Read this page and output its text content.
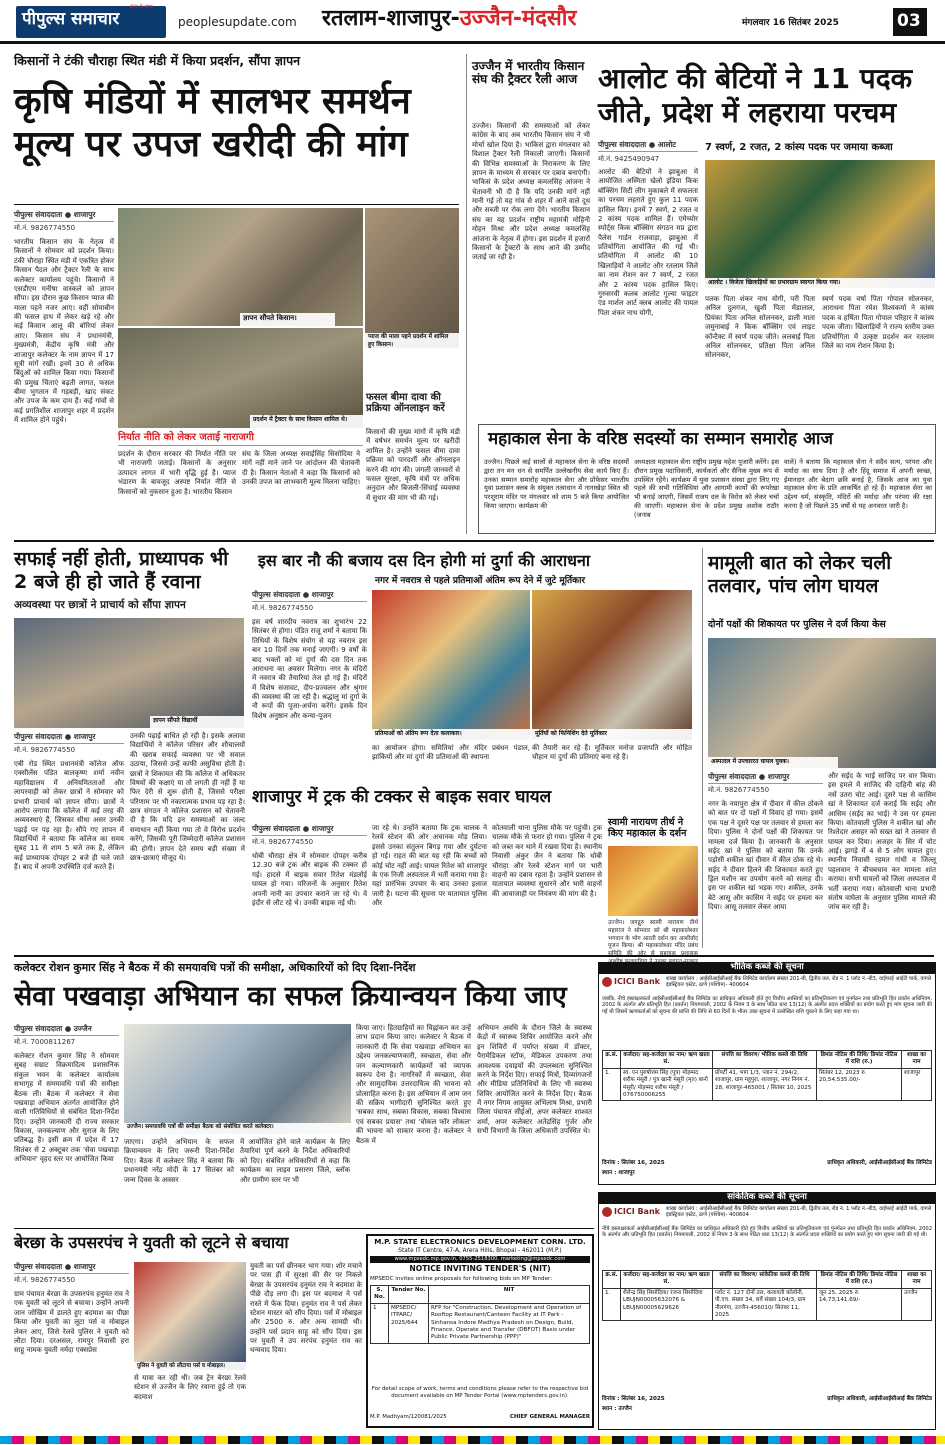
पीपुल्स समाचार
सत्य के साथ
peoplesupdate.com रतलाम-शाजापुर-उज्जैन-मंदसौर	मंगलवार 16 सितंबर 2025	03
किसानों ने टंकी चौराहा स्थित मंडी में किया प्रदर्शन, सौंपा ज्ञापन
कृषि मंडियों में सालभर समर्थन मूल्य पर उपज खरीदी की मांग
पीपुल्स संवाददाता ● शाजापुर
मो.नं. 9826774550
भारतीय किसान संघ के नेतृत्व में किसानों ने सोमवार को प्रदर्शन किया। टंकी चौराहा स्थित मंडी में एकत्रित होकर किसान पैदल और ट्रैक्टर रैली के साथ कलेक्टर कार्यालय पहुंचे। किसानों ने एसडीएम मनीषा वास्कले को ज्ञापन सौंपा। इस दौरान कुछ किसान प्याज की माला पहने नजर आए। वहीं सोयाबीन की फसल हाथ में लेकर खड़े रहे और कई किसान आलू की बोरियां लेकर आए। किसान संघ ने प्रधानमंत्री, मुख्यमंत्री, केंद्रीय कृषि मंत्री और शाजापुर कलेक्टर के नाम ज्ञापन में 17 सूत्री मांगें रखीं। इनमें 30 से अधिक बिंदुओं को शामिल किया गया। किसानों की प्रमुख चिंताएं बढ़ती लागत, फसल बीमा भुगतान में गड़बड़ी, खाद संकट और उपज के कम दाम हैं। कई गांवों से कई प्रगतिशील शाजापुर शहर में प्रदर्शन में शामिल होने पहुंचे।
ज्ञापन सौंपते किसान।
प्याज की माला पहने प्रदर्शन में शामिल हुए किसान।
प्रदर्शन में ट्रैक्टर के साथ किसान शामिल थे।
निर्यात नीति को लेकर जताई नाराजगी
प्रदर्शन के दौरान सरकार की निर्यात नीति पर भी नाराजगी जताई। किसानों के अनुसार उत्पादन लागत में भारी वृद्धि हुई है। प्याज भंडारण के बावजूद अस्पष्ट निर्यात नीति से किसानों को नुकसान हुआ है। भारतीय किसान
संघ के जिला अध्यक्ष सवाईसिंह सिसोदिया ने मांगें नहीं माने जाने पर आंदोलन की चेतावनी दी है। किसान नेताओं ने कहा कि किसानों को उनकी उपज का लाभकारी मूल्य मिलना चाहिए।
फसल बीमा दावा की प्रक्रिया ऑनलाइन करें
किसानों की मुख्य मांगों में कृषि मंडी में वर्षभर समर्थन मूल्य पर खरीदी शामिल है। उन्होंने फसल बीमा दावा प्रक्रिया को पारदर्शी और ऑनलाइन करने की मांग की। जंगली जानवरों से फसल सुरक्षा, कृषि यंत्रों पर अधिक अनुदान और बिजली-सिंचाई व्यवस्था में सुधार की मांग भी की गई।
उज्जैन में भारतीय किसान संघ की ट्रैक्टर रैली आज
उज्जैन। किसानों की समस्याओं को लेकर कांग्रेस के बाद अब भारतीय किसान संघ ने भी मोर्चा खोल दिया है। भाकिसं द्वारा मंगलवार को विशाल ट्रैक्टर रैली निकाली जाएगी। किसानों की विभिन्न समस्याओं के निराकरण के लिए ज्ञापन के माध्यम से सरकार पर दबाव बनाएंगी। भाकिसं के प्रदेश अध्यक्ष कमलसिंह आंजना ने चेतावनी भी दी है कि यदि उनकी मांगें नहीं मानी गई तो यह गांव से शहर में आने वाले दूध और सब्जी पर रोक लगा देंगे। भारतीय किसान संघ का यह प्रदर्शन राष्ट्रीय महामंत्री मोहिनी मोहन मिश्रा और प्रदेश अध्यक्ष कमलसिंह आंजना के नेतृत्व में होगा। इस प्रदर्शन में हजारों किसानों के ट्रैक्टरों के साथ आने की उम्मीद जताई जा रही है।
आलोट की बेटियों ने 11 पदक जीते, प्रदेश में लहराया परचम
पीपुल्स संवाददाता ● आलोट
मो.नं. 9425490947
7 स्वर्ण, 2 रजत, 2 कांस्य पदक पर जमाया कब्जा
आलोट की बेटियों ने झाबुआ में आयोजित अस्मिता खेलो इंडिया किक बॉक्सिंग सिटी लीग मुकाबले में सफलता का परचम लहराते हुए कुल 11 पदक हासिल किए। इनमें 7 स्वर्ण, 2 रजत व 2 कांस्य पदक शामिल हैं। एमेच्योर स्पोर्ट्स किक बॉक्सिंग संगठन मप्र द्वारा पैलेस गार्डन राजवाड़ा, झाबुआ में प्रतियोगिता आयोजित की गई थी। प्रतियोगिता में आलोट की 10 खिलाड़ियों ने आलोट और रतलाम जिले का नाम रोशन कर 7 स्वर्ण, 2 रजत और 2 कांस्य पदक हासिल किए। गुरुसरवी कलब आलोट गुल्या फाइटर एंड मार्शल आर्ट क्लब आलोट की पायल पिता शंकर नाथ योगी,
आलोट । विजेता खिलाड़ियों का प्रभारग्राम स्वागत किया गया।
पलक पिता शंकर नाथ योगी, परी पिता अनिल दुलगज, खुशी पिता मेंडालाल, प्रियंका पिता अनिल सोलनकर, डाली माता जमुनाबाई ने किक बॉक्सिंग एवं लाइट कॉन्टैक्ट में स्वर्ण पदक जीते। ललबाई पिता अनिल सोलनकर, प्रतिक्षा पिता अनिल सोलनकर,
स्वर्ण पदक वर्षा पिता गोपाल सोलनकर, आराधना पिता रमेश विश्वकर्मा ने कांस्य पदक व हर्षिता पिता गोपाल परिहार ने कांस्य पदक जीता। खिलाड़ियों ने राज्य स्तरीय उक्त प्रतियोगिता में उत्कृष्ट प्रदर्शन कर रतलाम जिले का नाम रोशन किया है।
महाकाल सेना के वरिष्ठ सदस्यों का सम्मान समारोह आज
उज्जैन। पिछले कई सालों से महाकाल सेना के वरिष्ठ सदस्यों द्वारा तन मन धन से समर्पित उल्लेखनीय सेवा कार्य किए हैं। उनका सम्मान समारोह महाकाल सेना और प्रोफेसर भारतीय युवा प्रशासन क्लब के संयुक्त तत्वाधान में नानाखेड़ा स्थित श्री परशुराम मंदिर पर मंगलवार को शाम 5 बजे किया आयोजित किया जाएगा। कार्यक्रम की
अध्यक्षता महाकाल सेना राष्ट्रीय प्रमुख महेश पुजारी करेंगे। इस दौरान प्रमुख पदाधिकारी, कार्यकर्ता और सैनिक मुख्य रूप से उपस्थित रहेंगे। कार्यक्रम में युवा प्रशासन संस्था द्वारा लिए गए पहले की सभी गतिविधियां और आगामी कार्यों की रूपरेखा भी बनाई जाएगी, जिसमें राजय दल के विरोध को लेकर चर्चा की जाएगी। महाकाल सेना के प्रदेश प्रमुख अशोक राठौर (जनाब
वाले) ने बताया कि महाकाल सेना ने सदैव सत्य, परंपरा और मर्यादा का साथ दिया है और हिंदू समाज में अपनी स्वच्छ, ईमानदार और बेदाग छवि बनाई है, जिसके आज का युवा महाकाल सेना के प्रति आकर्षित हो रहे हैं। महाकाल सेना का उद्देश्य धर्म, संस्कृति, मंदिरों की मर्यादा और परंपरा की रक्षा करना है जो पिछले 35 वर्षों से यह अनवरत जारी है।
सफाई नहीं होती, प्राध्यापक भी 2 बजे ही हो जाते हैं रवाना
अव्यवस्था पर छात्रों ने प्राचार्य को सौंपा ज्ञापन
ज्ञापन सौंपते विद्यार्थी
पीपुल्स संवाददाता ● शाजापुर
मो.नं. 9826774550
एबी रोड स्थित प्रधानमंत्री कॉलेज ऑफ एक्सीलेंस पंडित बालकृष्ण शर्मा नवीन महाविद्यालय में अनियमितताओं और लापरवाही को लेकर छात्रों ने सोमवार को प्रभारी प्राचार्य को ज्ञापन सौंपा। छात्रों ने आरोप लगाया कि कॉलेज में कई तरह की अव्यवस्थाएं हैं, जिसका सीधा असर उनकी पढ़ाई पर पड़ रहा है। सौंपे गए ज्ञापन में विद्यार्थियों ने बताया कि कॉलेज का समय सुबह 11 से शाम 5 बजे तक है, लेकिन कई प्राध्यापक दोपहर 2 बजे ही चले जाते हैं। बाद में अपनी उपस्थिति दर्ज करते हैं।
उनकी पढ़ाई बाधित हो रही है। इसके अलावा विद्यार्थियों ने कॉलेज परिसर और शौचालयों की खराब सफाई व्यवस्था पर भी सवाल उठाया, जिससे उन्हें काफी असुविधा होती है। छात्रों ने शिकायत की कि कॉलेज में अधिकतर विषयों की कक्षाएं या तो लगती ही नहीं हैं या फिर देरी से शुरू होती हैं, जिससे परीक्षा परिणाम पर भी नकारात्मक प्रभाव पड़ रहा है। छात्र संगठन ने कॉलेज प्रशासन को चेतावनी दी है कि यदि इन समस्याओं का जल्द समाधान नहीं किया गया तो वे विरोध प्रदर्शन करेंगे, जिसकी पूरी जिम्मेदारी कॉलेज प्रशासन की होगी। ज्ञापन देते समय बड़ी संख्या में छात्र-छात्राएं मौजूद थे।
इस बार नौ की बजाय दस दिन होगी मां दुर्गा की आराधना
नगर में नवरात्र से पहले प्रतिमाओं अंतिम रूप देने में जुटे मूर्तिकार
पीपुल्स संवाददाता ● शाजापुर
मो.नं. 9826774550
इस वर्ष शारदीय नवरात्र का शुभारंभ 22 सितंबर से होगा। पंडित राजू शर्मा ने बताया कि तिथियों के विशेष संयोग से यह नवरात्र इस बार 10 दिनों तक मनाई जाएगी। 9 वर्षों के बाद भक्तों को मां दुर्गा की दस दिन तक आराधना का अवसर मिलेगा। नगर के मंदिरों में नवरात्र की तैयारियां तेज हो गई हैं। मंदिरों में विशेष सजावट, दीप-प्रज्वलन और श्रृंगार की व्यवस्था की जा रही है। श्रद्धालु मां दुर्गा के नौ रूपों की पूजा-अर्चना करेंगे। इसके दिन विशेष अनुष्ठान और कन्या-पूजन
प्रतिमाओं को अंतिम रूप देता कलाकार।	मूर्तियों को फिनिशिंग देते मूर्तिकार
का आयोजन होगा। समितियां और मंदिर प्रबंधन पंडाल, झांकियों और मां दुर्गा की प्रतिमाओं की स्थापना
की तैयारी कर रहे हैं। मूर्तिकार मनोज प्रजापति और मोहित चौहान मां दुर्गा की प्रतिमाएं बना रहे हैं।
शाजापुर में ट्रक की टक्कर से बाइक सवार घायल
पीपुल्स संवाददाता ● शाजापुर
मो.नं. 9826774550
धोबी चौराहा क्षेत्र में सोमवार दोपहर करीब 12.30 बजे ट्रक और बाइक की टक्कर हो गई। हादसे में बाइक सवार रितेश मंडलोई घायल हो गया। परिजनों के अनुसार रितेश अपनी नानी का उपचार कराने जा रहे थे। वे इंदौर से लौट रहे थे। उनकी बाइक नई थी।
जा रहे थे। उन्होंने बताया कि ट्रक चालक ने रेलवे स्टेशन की ओर अचानक मोड़ लिया। इससे उनका संतुलन बिगड़ गया और दुर्घटना हो गई। राहत की बात यह रही कि बच्चों को कोई चोट नहीं आई। घायल रितेश को शाजापुर के एक निजी अस्पताल में भर्ती कराया गया है। यहां प्रारंभिक उपचार के बाद उनका इलाज जारी है। घटना की सूचना पर यातायात पुलिस और
कोतवाली थाना पुलिस मौके पर पहुंची। ट्रक चालक मौके से फरार हो गया। पुलिस ने ट्रक को जब्त कर थाने में रखवा दिया है। स्थानीय निवासी अंकुर जैन ने बताया कि धोबी चौराहा और रेलवे स्टेशन मार्ग पर भारी वाहनों का दबाव रहता है। उन्होंने प्रशासन से यातायात व्यवस्था सुधारने और भारी वाहनों की आवाजाही पर नियंत्रण की मांग की है।
स्वामी नारायण तीर्थ ने किए महाकाल के दर्शन
उज्जैन। जगद्गुरु स्वामी नारायण तीर्थ महाराज ने सोमवार को श्री महाकालेश्वर भगवान के भोग आरती दर्शन कर आशीर्वाद पूजन किया। श्री महाकालेश्वर मंदिर प्रबंध
मामूली बात को लेकर चली तलवार, पांच लोग घायल
दोनों पक्षों की शिकायत पर पुलिस ने दर्ज किया केस
अस्पताल में उपचाररत घायल युवक।
पीपुल्स संवाददाता ● शाजापुर
मो.नं. 9826774550
नगर के नयापुरा क्षेत्र में दीवार में कील ठोकने को बात पर दो पक्षों में विवाद हो गया। इसमें एक पक्ष ने दूसरे पक्ष पर तलवार से हमला कर दिया। पुलिस ने दोनों पक्षों की शिकायत पर मामला दर्ज किया है। जानकारी के अनुसार सईद खां ने पुलिस को बताया कि उनके पड़ोसी शकील खां दीवार में कील ठोक रहे थे। सईद ने दीवार हिलने की शिकायत करते हुए ड्रिल मशीन का उपयोग करने को सलाह दी। इस पर शकील खां भड़क गए। शकील, उनके बेटे आसू और कासिम ने सईद पर हमला कर दिया। आसू तलवार लेकर आया
और सईद के भाई साजिद पर वार किया। इस हमले में साजिद की दाहिनी बांह की नसें उतरा चोट आई। दूसरे पक्ष से कासिम खां ने शिकायत दर्ज कराई कि सईद और आसिम (सईद का भाई) ने उस पर हमला किया। कोतवाली पुलिस ने शकील खां और रिश्तेदार असहर को सख्त खां ने तलवार से घायल कर दिया। अजहर के सिर में चोट आई। झगड़े में 4 से 5 लोग घायल हुए। स्थानीय निवासी रहमत गांधी व जिल्लू पहलवान ने बीचबचाव कर मामला शांत कराया। सभी घायलों को जिला अस्पताल में भर्ती कराया गया। कोतवाली थाना प्रभारी संतोष वाघेला के अनुसार पुलिस मामले की जांच कर रही है।
कलेक्टर रोशन कुमार सिंह ने बैठक में की समयावधि पत्रों की समीक्षा, अधिकारियों को दिए दिशा-निर्देश
सेवा पखवाड़ा अभियान का सफल क्रियान्वयन किया जाए
पीपुल्स संवाददाता ● उज्जैन
मो.नं. 7000811267
कलेक्टर रोशन कुमार सिंह ने सोमवार सुबह सम्राट विक्रमादित्य प्रशासनिक संकुल भवन के कलेक्टर कार्यालय सभागृह में समयावधि पत्रों की समीक्षा बैठक ली। बैठक में कलेक्टर ने सेवा पखवाड़ा अभियान अंतर्गत आयोजित होने वाली गतिविधियों से संबंधित दिशा-निर्देश दिए। उन्होंने जानकारी दी राज्य सरकार विकास, जनकल्याण और सुराज के लिए प्रतिबद्ध है। इसी क्रम में प्रदेश में 17 सितंबर से 2 अक्टूबर तक 'सेवा पखवाड़ा अभियान' वृहद स्तर पर आयोजित किया
उज्जैन। समयावधि पत्रों की समीक्षा बैठक को संबोधित करते कलेक्टर।
जाएगा। उन्होंने अभियान के सफल क्रियान्वयन के लिए जरूरी दिशा-निर्देश दिए। बैठक में कलेक्टर सिंह ने बताया कि प्रधानमंत्री नरेंद्र मोदी के 17 सितंबर को जन्म दिवस के अवसर
में आयोजित होने वाले कार्यक्रम के लिए तैयारियां पूर्ण करने के निर्देश अधिकारियों को दिए। संबंधित अधिकारियों से कहा कि कार्यक्रम का लाइव प्रसारण जिले, ब्लॉक और ग्रामीण स्तर पर भी
किया जाए। हितग्राहियों का चिह्नांकन कर उन्हें लाभ प्रदान किया जाए। कलेक्टर ने बैठक में जानकारी दी कि सेवा पखवाड़ा अभियान का उद्देश्य जनकल्याणकारी, स्वच्छता, सेवा और जन कल्याणकारी कार्यक्रमों को व्यापक स्वरूप देना है। नागरिकों में स्वच्छता, सेवा और सामुदायिक उत्तरदायित्व की भावना को प्रोत्साहित करना है। इस अभियान में आम जन की सक्रिय भागीदारी सुनिश्चित करते हुए 'सबका साथ, सबका विकास, सबका विश्वास एवं सबका प्रयास' तथा 'वोकल फॉर लोकल' की भावना को साकार करना है। कलेक्टर ने बैठक में
अभियान अवधि के दौरान जिले के स्वास्थ्य केंद्रों में स्वास्थ्य शिविर आयोजित करने और इन शिविरों में पर्याप्त संख्या में डॉक्टर, पैरामेडिकल स्टॉफ, मेडिकल उपकरण तथा आवश्यक दवाइयों की उपलब्धता सुनिश्चित करने के निर्देश दिए। सफाई मित्रों, दिव्यांगजनों और मीडिया प्रतिनिधियों के लिए भी स्वास्थ्य शिविर आयोजित करने के निर्देश दिए। बैठक में नगर निगम आयुक्त अभिलाष मिश्रा, प्रभारी जिला पंचायत सीईओ, अपर कलेक्टर शाश्वत शर्मा, अपर कलेक्टर अतेंद्रसिंह गुर्जर और सभी विभागों के जिला अधिकारी उपस्थित थे।
बेरछा के उपसरपंच ने युवती को लूटने से बचाया
पीपुल्स संवाददाता ● शाजापुर
मो.नं. 9826774550
ग्राम पंचायत बेरछा के उपसरपंच हनुमंत राव ने एक युवती को लूटने से बचाया। उन्होंने अपनी जान जोखिम में डालते हुए बदमाश का पीछा किया और युवती का लूटा पर्स व मोबाइल लेकर आए, जिसे रेलवे पुलिस ने युवती को लौटा दिया। दरअसल, रामपुर निवासी हरा साहू नामक युवती नर्मदा एक्सप्रेस
पुलिस ने युवती को लौटाया पर्स व मोबाइल।
से यात्रा कर रही थी। जब ट्रेन बेरछा रेलवे स्टेशन से उज्जैन के लिए रवाना हुई तो एक बदमाश
युवती का पर्स छीनकर भाग गया। शोर मचाने पर पास ही में सुरक्षा की सैर पर निकले बेरछा के उपसरपंच हनुमंत राव ने बदमाश के पीछे दौड़ लगा दी। इस पर बदमाश ने पर्स रास्ते में फेंक दिया। हनुमंत राव ने पर्स लेकर स्टेशन मास्टर को सौंप दिया। पर्स में मोबाइल और 2500 रु. और अन्य सामग्री थी। उन्होंने पर्स प्रदान साहू को सौंप दिया। इस पर युवती ने उप सरपंच हनुमंत राव का धन्यवाद दिया।
M.P. STATE ELECTRONICS DEVELOPMENT CORN. LTD.
State IT Centre, 47-A, Arera Hills, Bhopal - 462011 (M.P.)
www.mpsedc.mp.gov.in, 0755-2518300, marketing@mpsedc.com
NOTICE INVITING TENDER'S (NIT)
MPSEDC invites online proposals for following bids on MP Tender:
S. No.	Tender No.	NIT
1	MPSEDC/ ITPARC/ 2025/644	RFP for "Construction, Development and Operation of Rooftop Restaurant/Canteen Facility at IT Park - Sinhansa Indore Madhya Pradesh on Design, Build, Finance, Operate and Transfer (DBFOT) Basis under Public Private Partnership (PPP)"
For detail scope of work, terms and conditions please refer to the respective bid document available on MP Tender Portal (www.mptenders.gov.in).
M.P. Madhyam/120081/2025	CHIEF GENERAL MANAGER
भौतिक कब्जे की सूचना
ICICI Bank	शाखा कार्यालय : आईसीआईसीआई बैंक लिमिटेड कार्यालय संख्या 201-बी, द्वितीय तल, रोड नं. 1 प्लॉट नं.-बी3, वाईफाई आईटी पार्क, वागले इंडस्ट्रियल एस्टेट, ठाणे (पश्चिम)- 400604
जबकि, नीचे हस्ताक्षरकर्ता आईसीआईसीआई बैंक लिमिटेड का प्राधिकृत अधिकारी होते हुए वित्तीय आस्तियों का प्रतिभूतिकरण एवं पुनर्गठन तथा प्रतिभूति हित प्रवर्तन अधिनियम, 2002 के अंतर्गत और प्रतिभूति हित (प्रवर्तन) नियमावली, 2002 के नियम 3 के साथ पठित धारा 13(12) के अंतर्गत प्रदत्त शक्तियों का प्रयोग करते हुए मांग सूचना जारी की गई थी जिसमें ऋणकर्ताओं को सूचना की प्राप्ति की तिथि से 60 दिनों के भीतर उक्त सूचना में उल्लेखित राशि चुकाने के लिए कहा गया था।
क्र.सं.	कर्जदार/ सह-कर्जदार का नाम/ ऋण खाता सं.	संपत्ति का विवरण/ भौतिक कब्जे की तिथि	डिमांड नोटिस की तिथि/ डिमांड नोटिस में राशि (रु.)	शाखा का नाम
1.	स्व. एन पुरुषोत्तम सिंह (पुत्र) मोहम्मद शरीफ मंसूरी / पुत्र खानी मंसूरी (मृत) बानो मंसूरी/ मोहम्मद शरीफ मंसूरी / 076750006255	प्रॉपर्टी 41, भाग 1/3, प्लान नं. 294/2, शाजापुर, ग्राम महुपुरा, शाजापुर, नगर निगम नं. 28, शाजापुर-465001 / सितंबर 10, 2025	सितंबर 12, 2023 रु. 20,54,535.00/-	शाजापुर
दिनांक : सितंबर 16, 2025
स्थान : शाजापुर
प्राधिकृत अधिकारी, आईसीआईसीआई बैंक लिमिटेड
सांकेतिक कब्जे की सूचना
ICICI Bank	शाखा कार्यालय : आईसीआईसीआई बैंक लिमिटेड कार्यालय संख्या 201-बी, द्वितीय तल, रोड नं. 1 प्लॉट नं.-बी3, वाईफाई आईटी पार्क, वागले इंडस्ट्रियल एस्टेट, ठाणे (पश्चिम)- 400604
नीचे हस्ताक्षरकर्ता आईसीआईसीआई बैंक लिमिटेड का प्राधिकृत अधिकारी होते हुए वित्तीय आस्तियों का प्रतिभूतिकरण एवं पुनर्गठन तथा प्रतिभूति हित प्रवर्तन अधिनियम, 2002 के अंतर्गत और प्रतिभूति हित (प्रवर्तन) नियमावली, 2002 के नियम 3 के साथ पठित धारा 13(12) के अंतर्गत प्रदत्त शक्तियों का प्रयोग करते हुए मांग सूचना जारी की गई थी।
क्र.सं.	कर्जदार/ सह-कर्जदार का नाम/ ऋण खाता सं.	संपत्ति का विवरण/ सांकेतिक कब्जे की तिथि	डिमांड नोटिस की तिथि/ डिमांड नोटिस में राशि (रु.)	शाखा का नाम
1.	शैलेन्द्र सिंह सिसोदिया/ रंजना सिसोदिया LBUJN00005632076 & LBUJN00005629626	प्लॉट नं. 127 दोनों तल, कलावती कॉलोनी, पी.एच. संख्या 34, सर्वे संख्या 104/3, ग्राम नीलगंगा, उज्जैन-456010/ सितंबर 11, 2025	जून 25, 2025 रु. 14,73,141.69/-	उज्जैन
दिनांक : सितंबर 16, 2025
स्थान : उज्जैन
प्राधिकृत अधिकारी, आईसीआईसीआई बैंक लिमिटेड
